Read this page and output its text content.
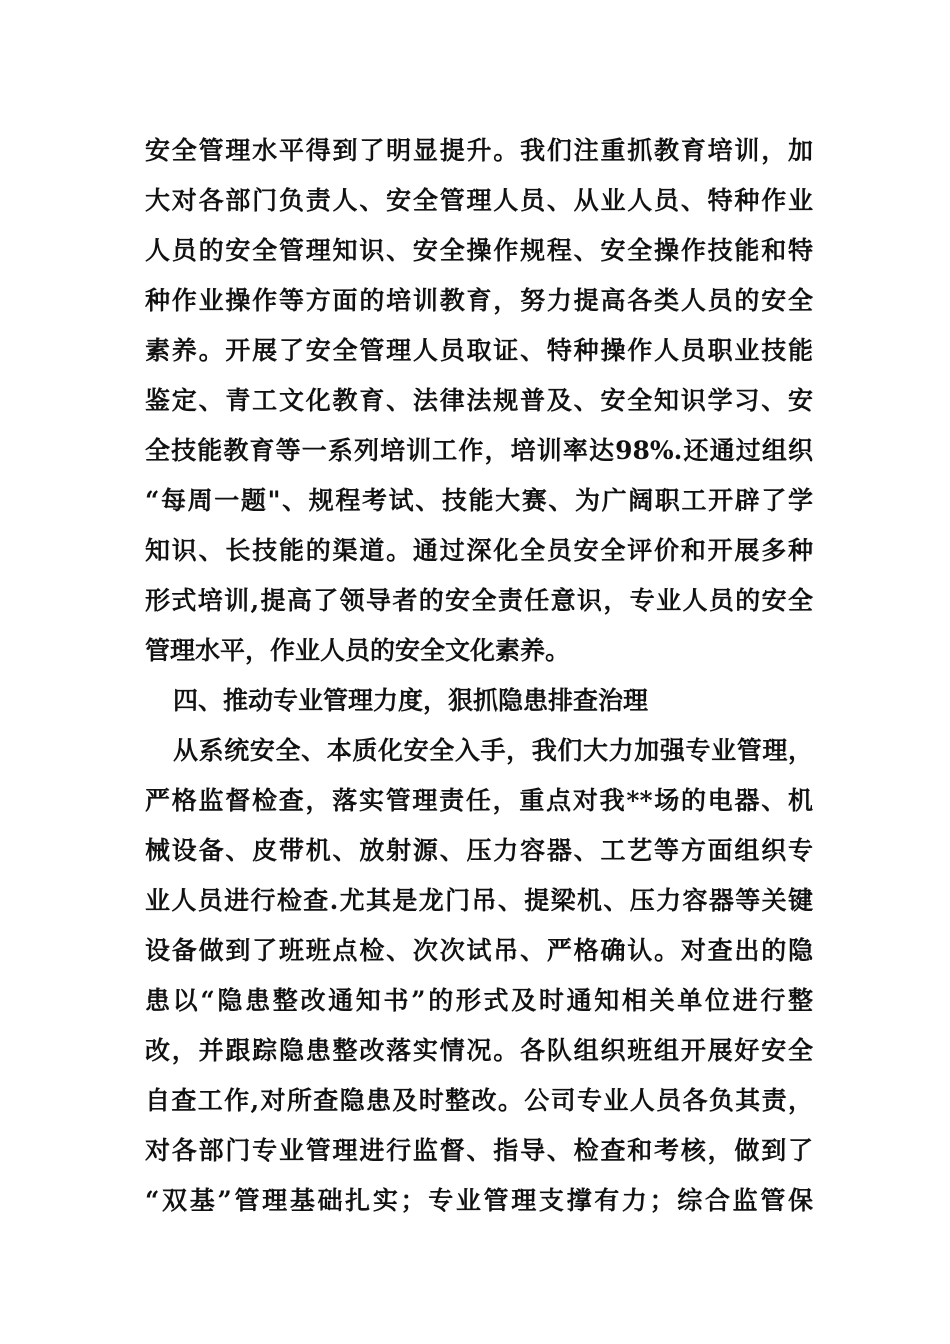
安全管理水平得到了明显提升。我们注重抓教育培训，加
大对各部门负责人、安全管理人员、从业人员、特种作业
人员的安全管理知识、安全操作规程、安全操作技能和特
种作业操作等方面的培训教育，努力提高各类人员的安全
素养。开展了安全管理人员取证、特种操作人员职业技能
鉴定、青工文化教育、法律法规普及、安全知识学习、安
全技能教育等一系列培训工作，培训率达98%.还通过组织
“每周一题"、规程考试、技能大赛、为广阔职工开辟了学
知识、长技能的渠道。通过深化全员安全评价和开展多种
形式培训,提高了领导者的安全责任意识，专业人员的安全
管理水平，作业人员的安全文化素养。
四、推动专业管理力度，狠抓隐患排查治理
从系统安全、本质化安全入手，我们大力加强专业管理，
严格监督检查，落实管理责任，重点对我**场的电器、机
械设备、皮带机、放射源、压力容器、工艺等方面组织专
业人员进行检查.尤其是龙门吊、提梁机、压力容器等关键
设备做到了班班点检、次次试吊、严格确认。对查出的隐
患以“隐患整改通知书”的形式及时通知相关单位进行整
改，并跟踪隐患整改落实情况。各队组织班组开展好安全
自查工作,对所查隐患及时整改。公司专业人员各负其责，
对各部门专业管理进行监督、指导、检查和考核，做到了
“双基”管理基础扎实；专业管理支撑有力；综合监管保
